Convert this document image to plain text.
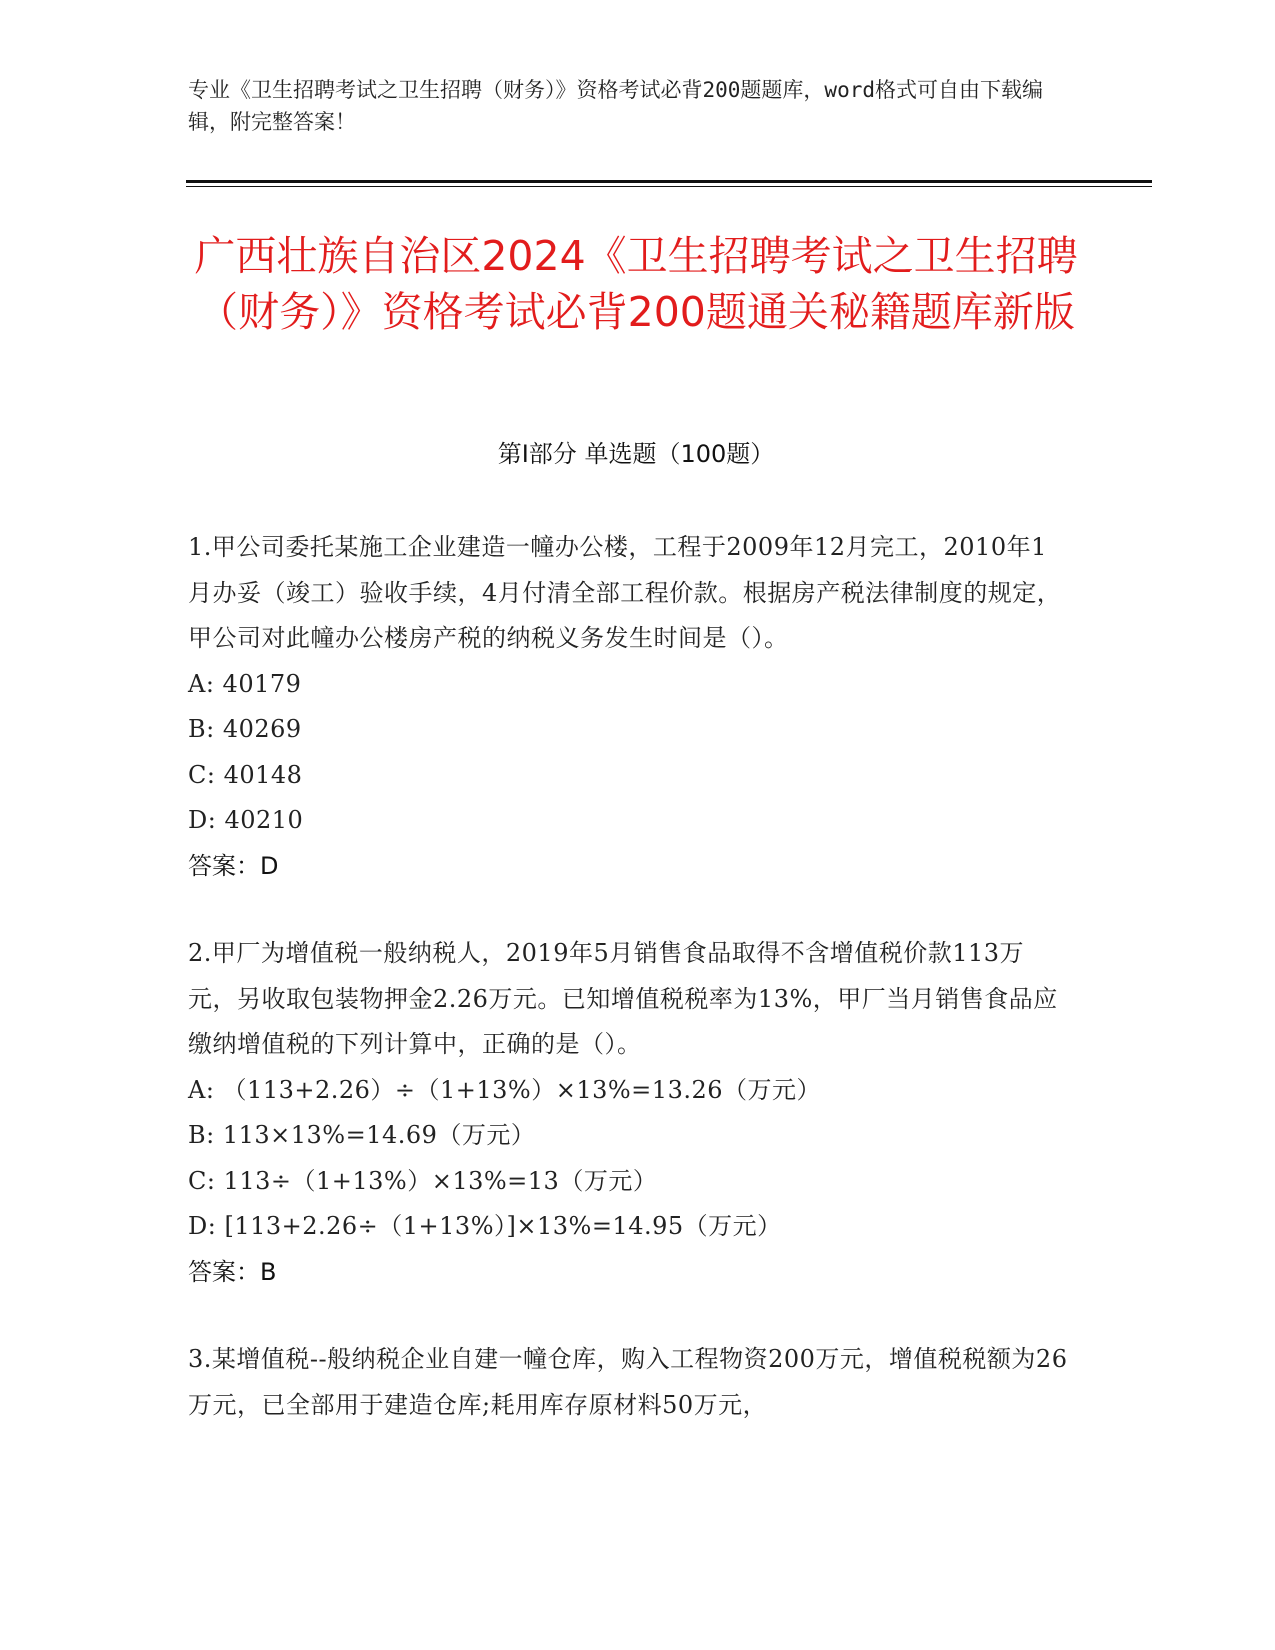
专业《卫生招聘考试之卫生招聘（财务）》资格考试必背200题题库，word格式可自由下载编辑，附完整答案！
广西壮族自治区2024《卫生招聘考试之卫生招聘（财务）》资格考试必背200题通关秘籍题库新版
第I部分 单选题（100题）
1.甲公司委托某施工企业建造一幢办公楼，工程于2009年12月完工，2010年1月办妥（竣工）验收手续，4月付清全部工程价款。根据房产税法律制度的规定，甲公司对此幢办公楼房产税的纳税义务发生时间是（）。
A: 40179
B: 40269
C: 40148
D: 40210
答案：D
2.甲厂为增值税一般纳税人，2019年5月销售食品取得不含增值税价款113万元，另收取包装物押金2.26万元。已知增值税税率为13%，甲厂当月销售食品应缴纳增值税的下列计算中，正确的是（）。
A: （113+2.26）÷（1+13%）×13%=13.26（万元）
B: 113×13%=14.69（万元）
C: 113÷（1+13%）×13%=13（万元）
D: [113+2.26÷（1+13%）]×13%=14.95（万元）
答案：B
3.某增值税--般纳税企业自建一幢仓库，购入工程物资200万元，增值税税额为26万元，已全部用于建造仓库;耗用库存原材料50万元，
